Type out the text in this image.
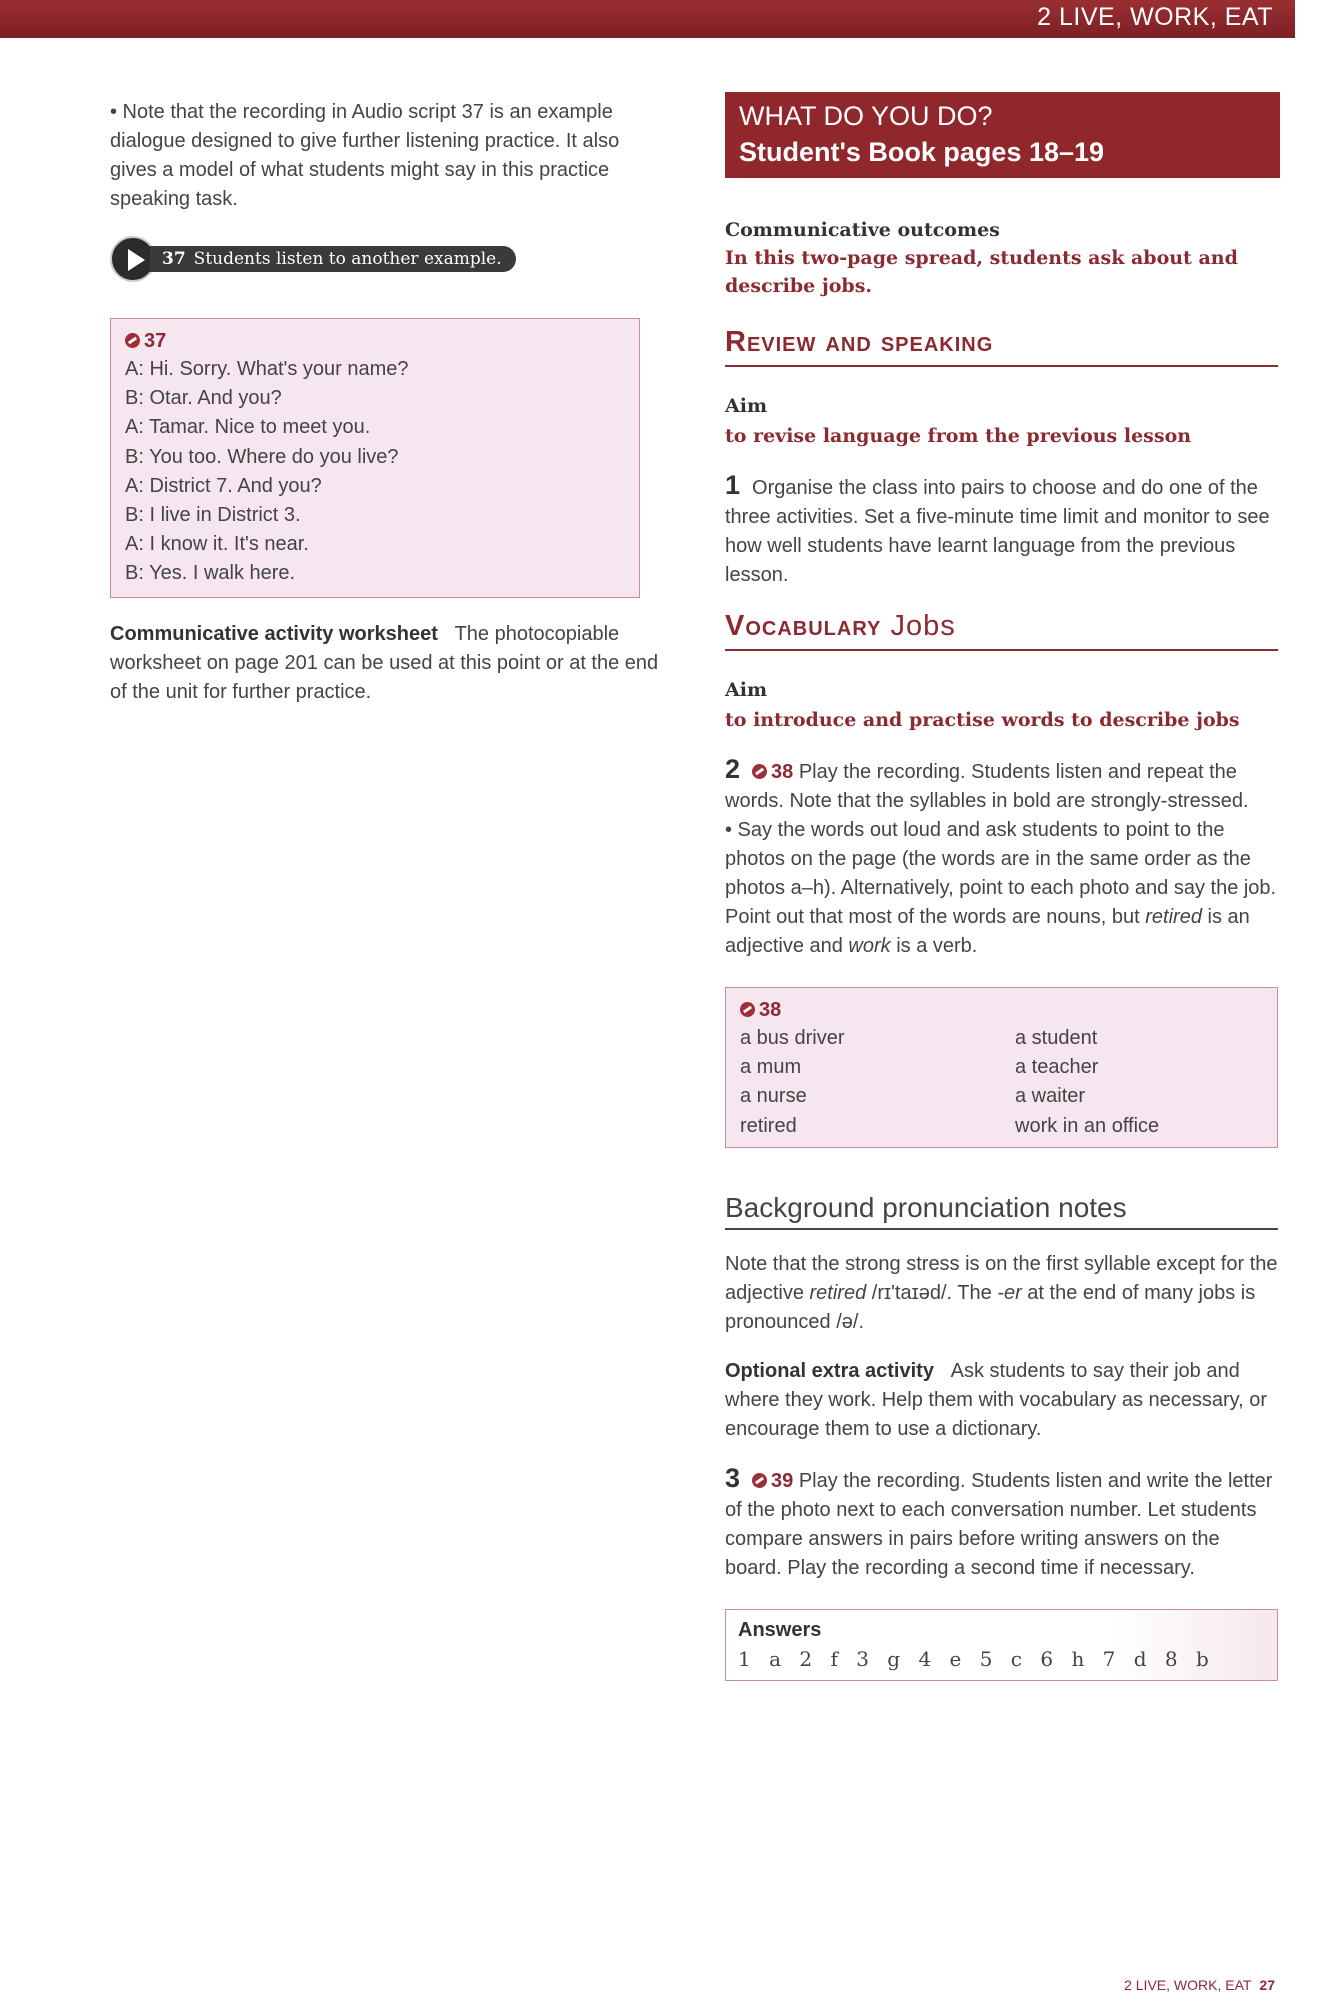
2 LIVE, WORK, EAT

• Note that the recording in Audio script 37 is an example dialogue designed to give further listening practice. It also gives a model of what students might say in this practice speaking task.

37 Students listen to another example.
37
A: Hi. Sorry. What's your name?
B: Otar. And you?
A: Tamar. Nice to meet you.
B: You too. Where do you live?
A: District 7. And you?
B: I live in District 3.
A: I know it. It's near.
B: Yes. I walk here.

Communicative activity worksheet The photocopiable worksheet on page 201 can be used at this point or at the end of the unit for further practice.

WHAT DO YOU DO?
Student's Book pages 18–19
Communicative outcomes
In this two-page spread, students ask about and describe jobs.
Review and speaking
Aim
to revise language from the previous lesson

1 Organise the class into pairs to choose and do one of the three activities. Set a five-minute time limit and monitor to see how well students have learnt language from the previous lesson.

Vocabulary Jobs
Aim
to introduce and practise words to describe jobs

2 38 Play the recording. Students listen and repeat the words. Note that the syllables in bold are strongly-stressed.

• Say the words out loud and ask students to point to the photos on the page (the words are in the same order as the photos a–h). Alternatively, point to each photo and say the job. Point out that most of the words are nouns, but retired is an adjective and work is a verb.

38
a bus driver	a student
a mum	a teacher
a nurse	a waiter
retired	work in an office
Background pronunciation notes

Note that the strong stress is on the first syllable except for the adjective retired /rɪ'taɪəd/. The -er at the end of many jobs is pronounced /ə/.

Optional extra activity Ask students to say their job and where they work. Help them with vocabulary as necessary, or encourage them to use a dictionary.

3 39 Play the recording. Students listen and write the letter of the photo next to each conversation number. Let students compare answers in pairs before writing answers on the board. Play the recording a second time if necessary.

Answers
1 a 2 f 3 g 4 e 5 c 6 h 7 d 8 b
2 LIVE, WORK, EAT 27
